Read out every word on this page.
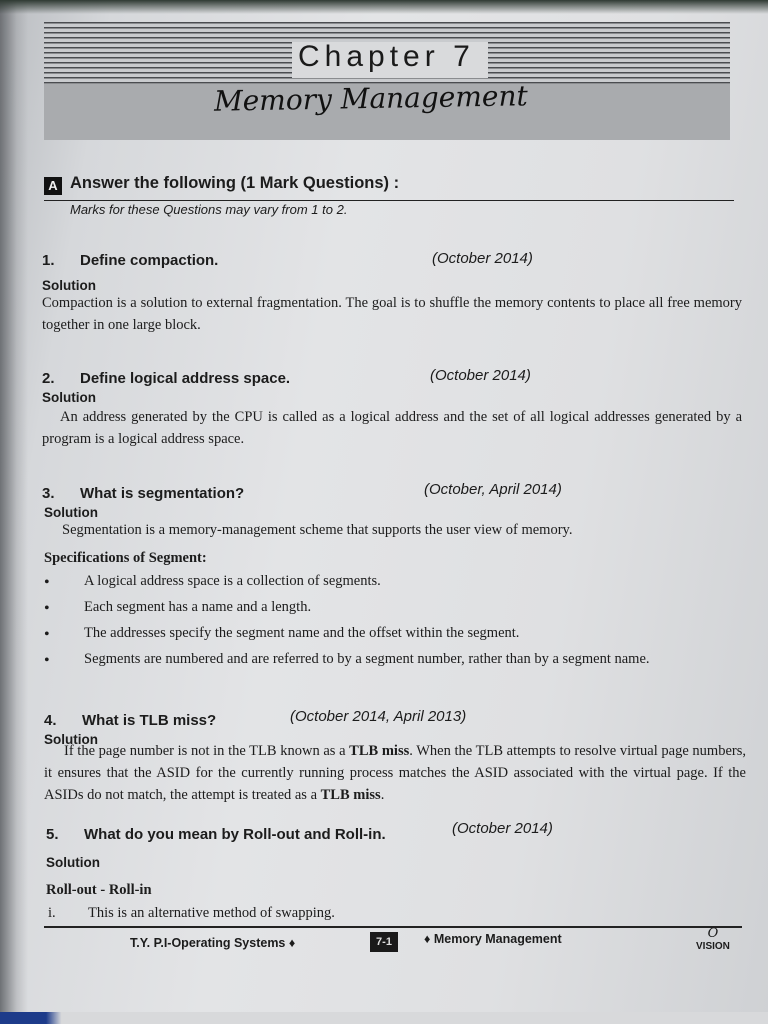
Chapter 7
Memory Management
A Answer the following (1 Mark Questions) :
Marks for these Questions may vary from 1 to 2.
1. Define compaction.	(October 2014)
Solution
Compaction is a solution to external fragmentation. The goal is to shuffle the memory contents to place all free memory together in one large block.
2. Define logical address space.	(October 2014)
Solution
An address generated by the CPU is called as a logical address and the set of all logical addresses generated by a program is a logical address space.
3. What is segmentation?	(October, April 2014)
Solution
Segmentation is a memory-management scheme that supports the user view of memory.
Specifications of Segment:
• A logical address space is a collection of segments.
• Each segment has a name and a length.
• The addresses specify the segment name and the offset within the segment.
• Segments are numbered and are referred to by a segment number, rather than by a segment name.
4. What is TLB miss?	(October 2014, April 2013)
Solution
If the page number is not in the TLB known as a TLB miss. When the TLB attempts to resolve virtual page numbers, it ensures that the ASID for the currently running process matches the ASID associated with the virtual page. If the ASIDs do not match, the attempt is treated as a TLB miss.
5. What do you mean by Roll-out and Roll-in.	(October 2014)
Solution
Roll-out - Roll-in
i.	This is an alternative method of swapping.
T.Y. P.I-Operating Systems ♦	7-1	♦ Memory Management	O
VISION
